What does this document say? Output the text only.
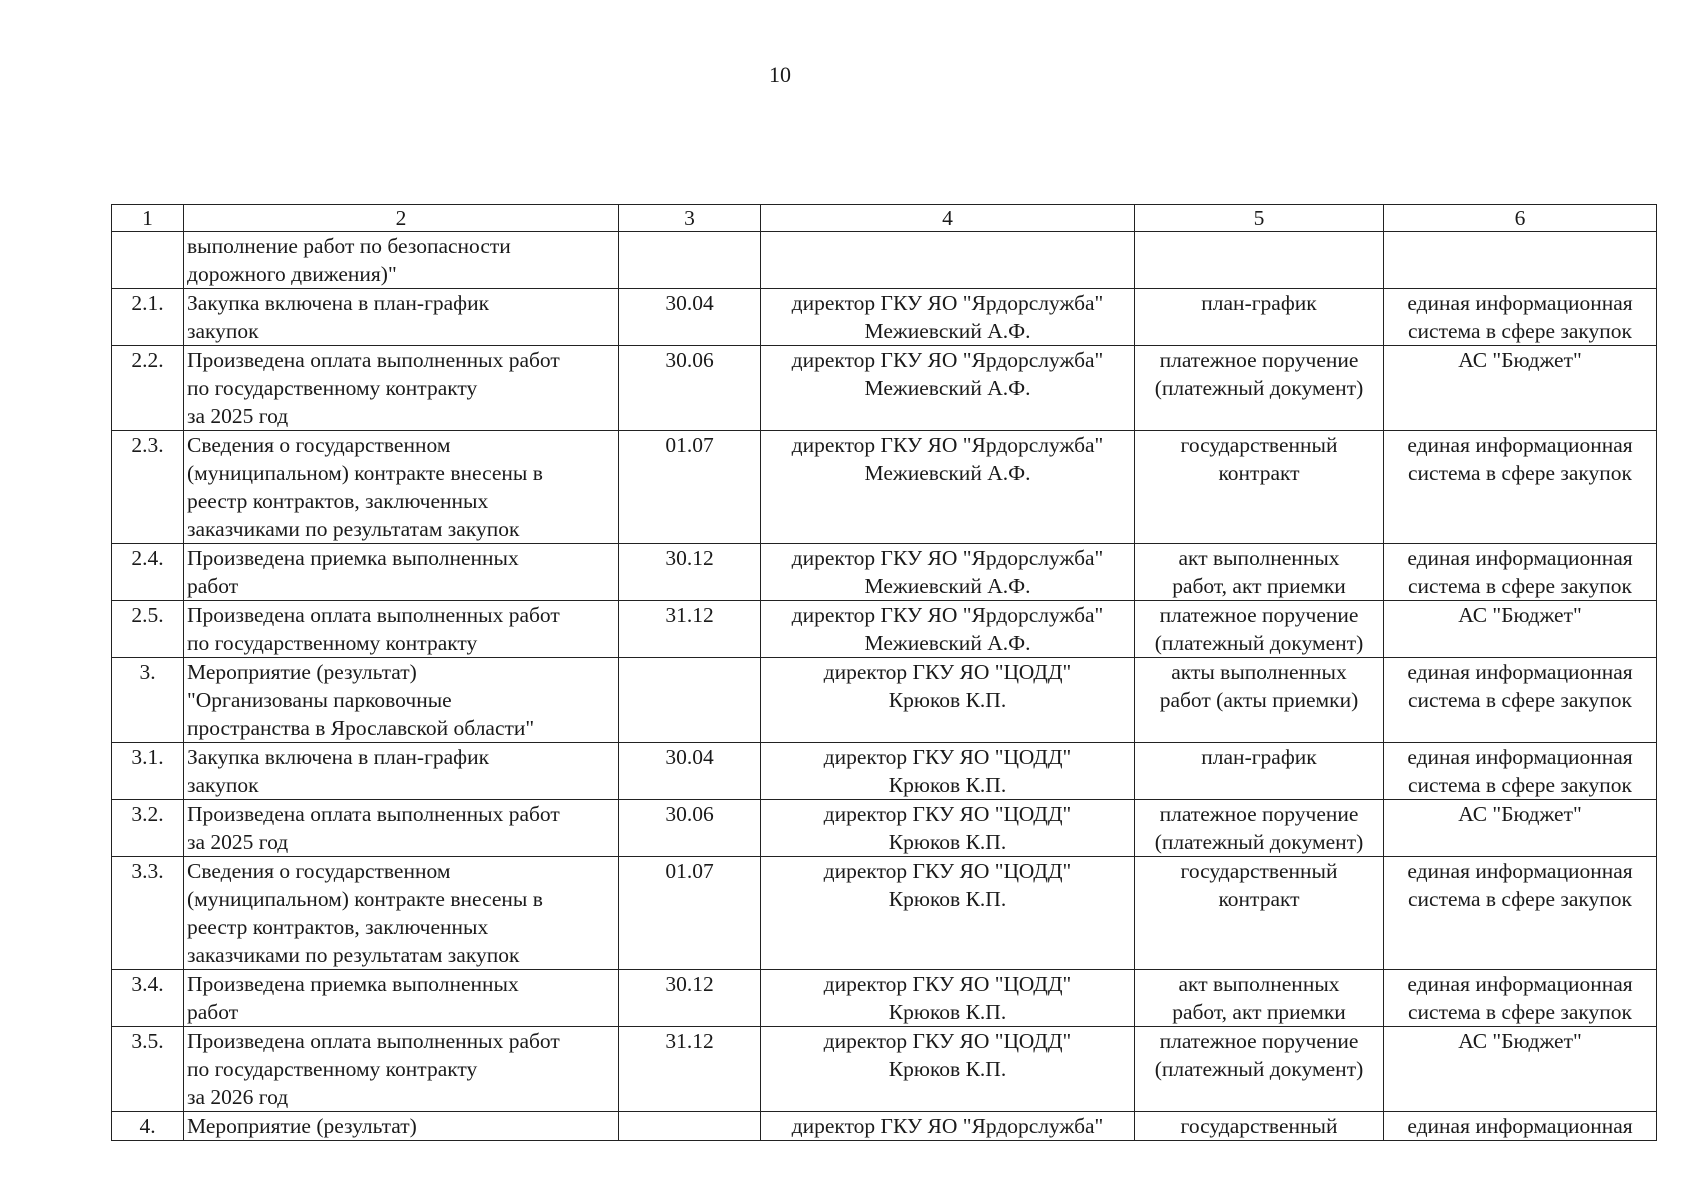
10
1	2	3	4	5	6
	выполнение работ по безопасности
дорожного движения)"				
2.1.	Закупка включена в план-график
закупок	30.04	директор ГКУ ЯО "Ярдорслужба"
Межиевский А.Ф.	план-график	единая информационная
система в сфере закупок
2.2.	Произведена оплата выполненных работ
по государственному контракту
за 2025 год	30.06	директор ГКУ ЯО "Ярдорслужба"
Межиевский А.Ф.	платежное поручение
(платежный документ)	АС "Бюджет"
2.3.	Сведения о государственном
(муниципальном) контракте внесены в
реестр контрактов, заключенных
заказчиками по результатам закупок	01.07	директор ГКУ ЯО "Ярдорслужба"
Межиевский А.Ф.	государственный
контракт	единая информационная
система в сфере закупок
2.4.	Произведена приемка выполненных
работ	30.12	директор ГКУ ЯО "Ярдорслужба"
Межиевский А.Ф.	акт выполненных
работ, акт приемки	единая информационная
система в сфере закупок
2.5.	Произведена оплата выполненных работ
по государственному контракту	31.12	директор ГКУ ЯО "Ярдорслужба"
Межиевский А.Ф.	платежное поручение
(платежный документ)	АС "Бюджет"
3.	Мероприятие (результат)
"Организованы парковочные
пространства в Ярославской области"		директор ГКУ ЯО "ЦОДД"
Крюков К.П.	акты выполненных
работ (акты приемки)	единая информационная
система в сфере закупок
3.1.	Закупка включена в план-график
закупок	30.04	директор ГКУ ЯО "ЦОДД"
Крюков К.П.	план-график	единая информационная
система в сфере закупок
3.2.	Произведена оплата выполненных работ
за 2025 год	30.06	директор ГКУ ЯО "ЦОДД"
Крюков К.П.	платежное поручение
(платежный документ)	АС "Бюджет"
3.3.	Сведения о государственном
(муниципальном) контракте внесены в
реестр контрактов, заключенных
заказчиками по результатам закупок	01.07	директор ГКУ ЯО "ЦОДД"
Крюков К.П.	государственный
контракт	единая информационная
система в сфере закупок
3.4.	Произведена приемка выполненных
работ	30.12	директор ГКУ ЯО "ЦОДД"
Крюков К.П.	акт выполненных
работ, акт приемки	единая информационная
система в сфере закупок
3.5.	Произведена оплата выполненных работ
по государственному контракту
за 2026 год	31.12	директор ГКУ ЯО "ЦОДД"
Крюков К.П.	платежное поручение
(платежный документ)	АС "Бюджет"
4.	Мероприятие (результат)		директор ГКУ ЯО "Ярдорслужба"	государственный	единая информационная
